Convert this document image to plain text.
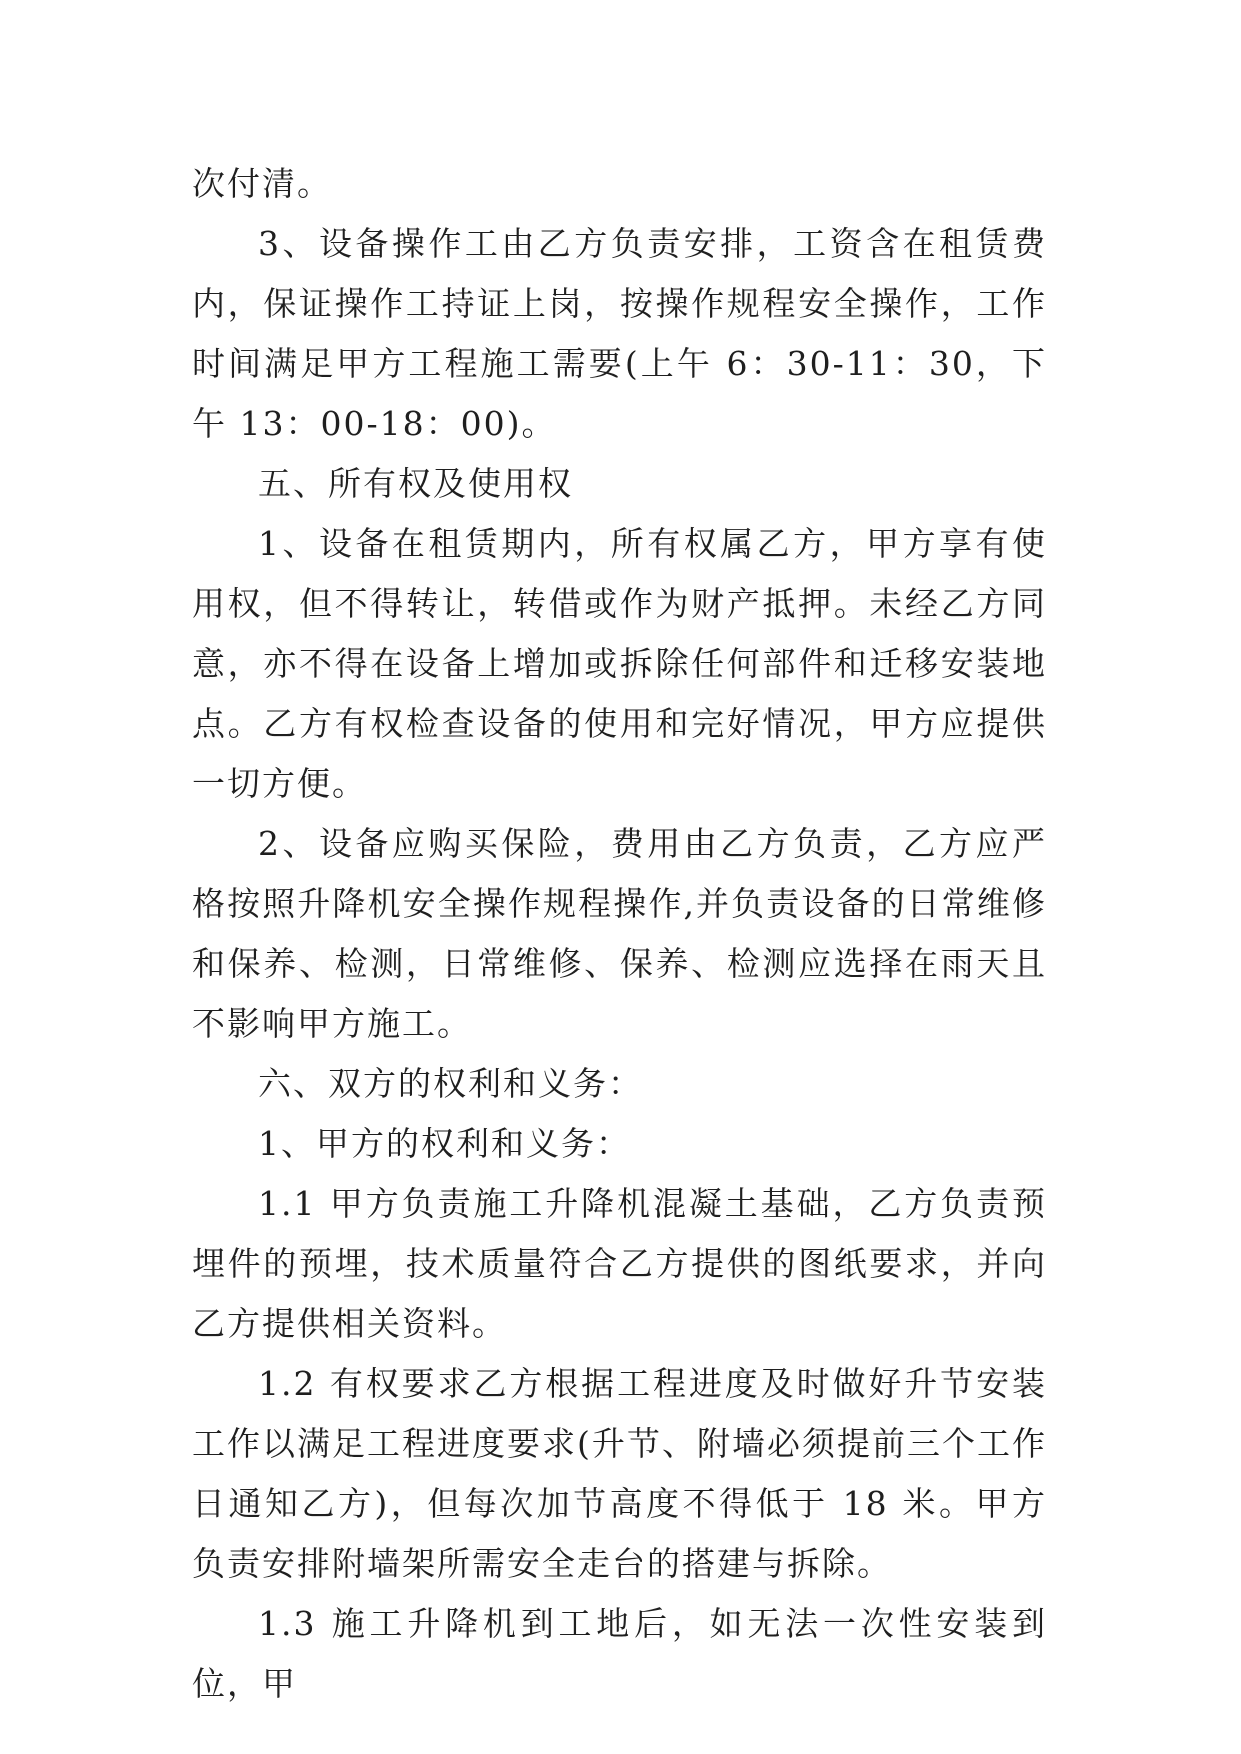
次付清。

3、设备操作工由乙方负责安排，工资含在租赁费内，保证操作工持证上岗，按操作规程安全操作，工作时间满足甲方工程施工需要(上午 6：30-11：30，下午 13：00-18：00)。

五、所有权及使用权

1、设备在租赁期内，所有权属乙方，甲方享有使用权，但不得转让，转借或作为财产抵押。未经乙方同意，亦不得在设备上增加或拆除任何部件和迁移安装地点。乙方有权检查设备的使用和完好情况，甲方应提供一切方便。

2、设备应购买保险，费用由乙方负责，乙方应严格按照升降机安全操作规程操作,并负责设备的日常维修和保养、检测，日常维修、保养、检测应选择在雨天且不影响甲方施工。

六、双方的权利和义务：

1、甲方的权利和义务：

1.1 甲方负责施工升降机混凝土基础，乙方负责预埋件的预埋，技术质量符合乙方提供的图纸要求，并向乙方提供相关资料。

1.2 有权要求乙方根据工程进度及时做好升节安装工作以满足工程进度要求(升节、附墙必须提前三个工作日通知乙方)，但每次加节高度不得低于 18 米。甲方负责安排附墙架所需安全走台的搭建与拆除。

1.3 施工升降机到工地后，如无法一次性安装到位，甲
